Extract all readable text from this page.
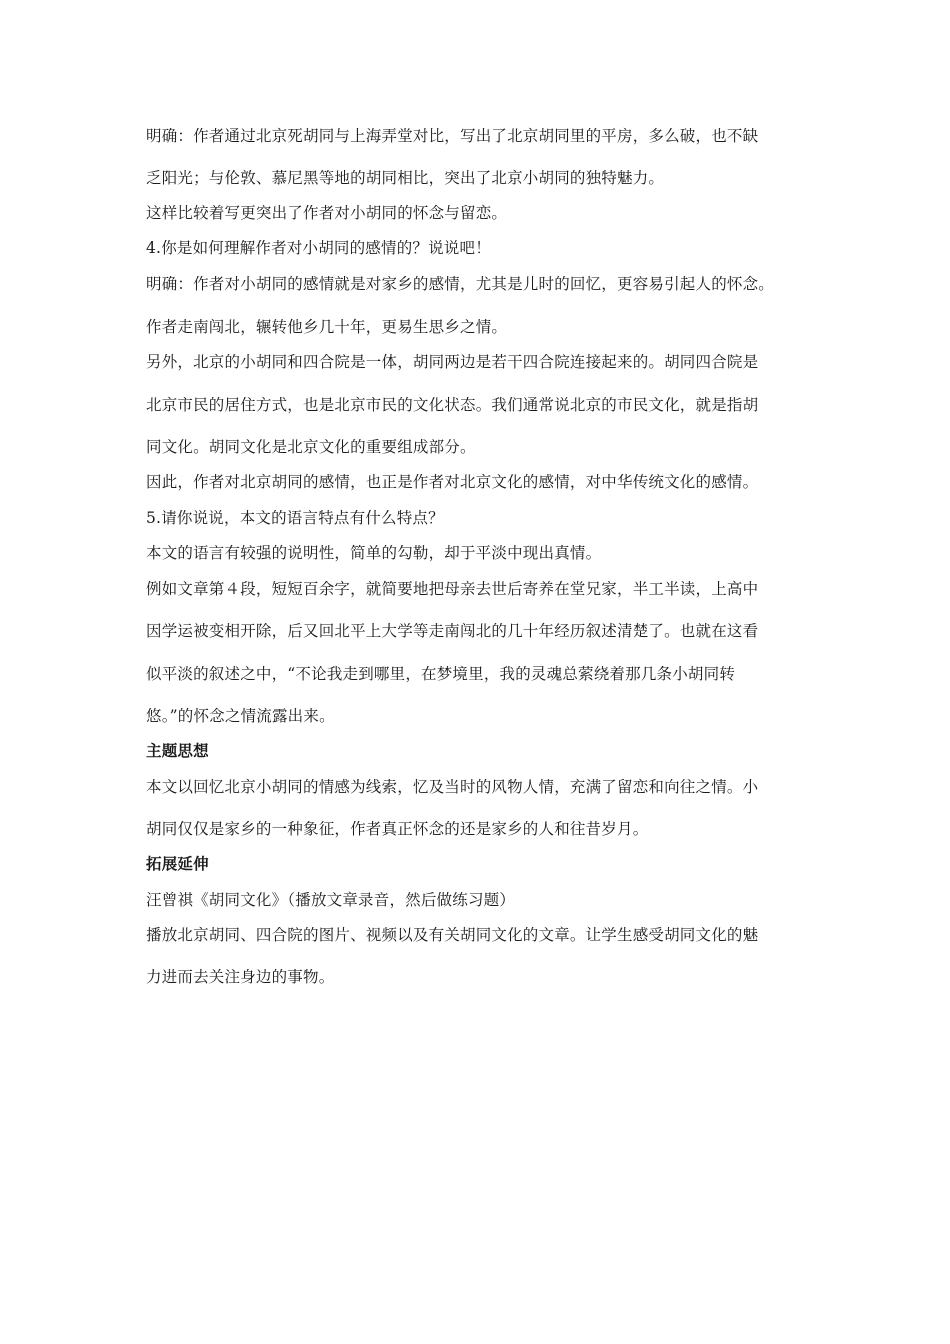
明确：作者通过北京死胡同与上海弄堂对比，写出了北京胡同里的平房，多么破，也不缺
乏阳光；与伦敦、慕尼黑等地的胡同相比，突出了北京小胡同的独特魅力。
这样比较着写更突出了作者对小胡同的怀念与留恋。
4.你是如何理解作者对小胡同的感情的？说说吧！
明确：作者对小胡同的感情就是对家乡的感情，尤其是儿时的回忆，更容易引起人的怀念。
作者走南闯北，辗转他乡几十年，更易生思乡之情。
另外，北京的小胡同和四合院是一体，胡同两边是若干四合院连接起来的。胡同四合院是
北京市民的居住方式，也是北京市民的文化状态。我们通常说北京的市民文化，就是指胡
同文化。胡同文化是北京文化的重要组成部分。
因此，作者对北京胡同的感情，也正是作者对北京文化的感情，对中华传统文化的感情。
5.请你说说，本文的语言特点有什么特点？
本文的语言有较强的说明性，简单的勾勒，却于平淡中现出真情。
例如文章第４段，短短百余字，就简要地把母亲去世后寄养在堂兄家，半工半读，上高中
因学运被变相开除，后又回北平上大学等走南闯北的几十年经历叙述清楚了。也就在这看
似平淡的叙述之中，“不论我走到哪里，在梦境里，我的灵魂总萦绕着那几条小胡同转
悠。”的怀念之情流露出来。
主题思想
本文以回忆北京小胡同的情感为线索，忆及当时的风物人情，充满了留恋和向往之情。小
胡同仅仅是家乡的一种象征，作者真正怀念的还是家乡的人和往昔岁月。
拓展延伸
汪曾祺《胡同文化》（播放文章录音，然后做练习题）
播放北京胡同、四合院的图片、视频以及有关胡同文化的文章。让学生感受胡同文化的魅
力进而去关注身边的事物。
